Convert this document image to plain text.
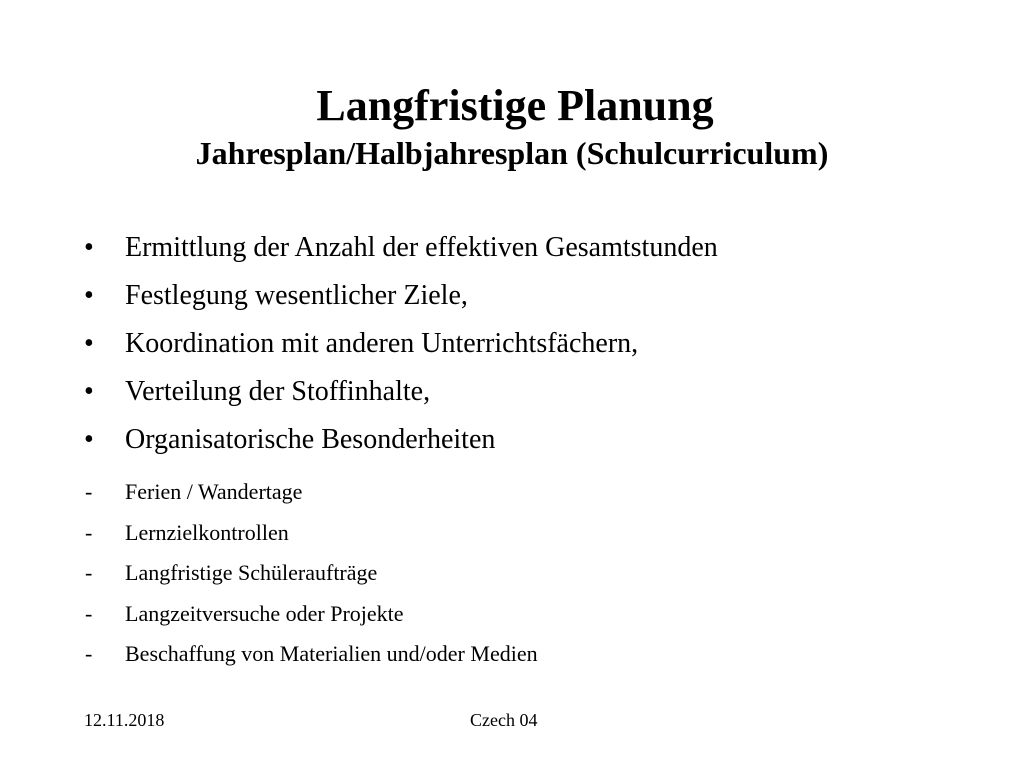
Langfristige Planung
Jahresplan/Halbjahresplan (Schulcurriculum)
•	Ermittlung der Anzahl der effektiven Gesamtstunden
•	Festlegung wesentlicher Ziele,
•	Koordination mit anderen Unterrichtsfächern,
•	Verteilung der Stoffinhalte,
•	Organisatorische Besonderheiten
-	Ferien / Wandertage
-	Lernzielkontrollen
-	Langfristige Schüleraufträge
-	Langzeitversuche oder Projekte
-	Beschaffung von Materialien und/oder Medien
12.11.2018	Czech 04
